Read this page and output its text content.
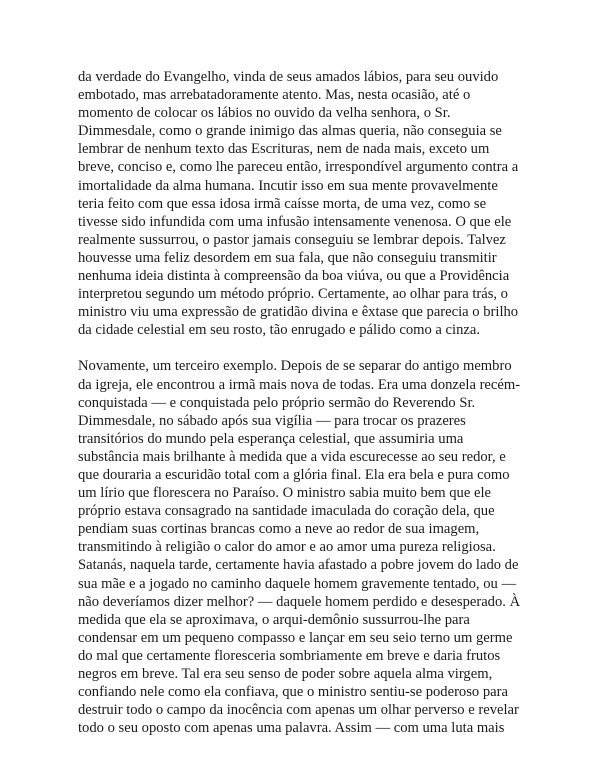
da verdade do Evangelho, vinda de seus amados lábios, para seu ouvido embotado, mas arrebatadoramente atento. Mas, nesta ocasião, até o momento de colocar os lábios no ouvido da velha senhora, o Sr. Dimmesdale, como o grande inimigo das almas queria, não conseguia se lembrar de nenhum texto das Escrituras, nem de nada mais, exceto um breve, conciso e, como lhe pareceu então, irrespondível argumento contra a imortalidade da alma humana. Incutir isso em sua mente provavelmente teria feito com que essa idosa irmã caísse morta, de uma vez, como se tivesse sido infundida com uma infusão intensamente venenosa. O que ele realmente sussurrou, o pastor jamais conseguiu se lembrar depois. Talvez houvesse uma feliz desordem em sua fala, que não conseguiu transmitir nenhuma ideia distinta à compreensão da boa viúva, ou que a Providência interpretou segundo um método próprio. Certamente, ao olhar para trás, o ministro viu uma expressão de gratidão divina e êxtase que parecia o brilho da cidade celestial em seu rosto, tão enrugado e pálido como a cinza.

Novamente, um terceiro exemplo. Depois de se separar do antigo membro da igreja, ele encontrou a irmã mais nova de todas. Era uma donzela recém-conquistada — e conquistada pelo próprio sermão do Reverendo Sr. Dimmesdale, no sábado após sua vigília — para trocar os prazeres transitórios do mundo pela esperança celestial, que assumiria uma substância mais brilhante à medida que a vida escurecesse ao seu redor, e que douraria a escuridão total com a glória final. Ela era bela e pura como um lírio que florescera no Paraíso. O ministro sabia muito bem que ele próprio estava consagrado na santidade imaculada do coração dela, que pendiam suas cortinas brancas como a neve ao redor de sua imagem, transmitindo à religião o calor do amor e ao amor uma pureza religiosa. Satanás, naquela tarde, certamente havia afastado a pobre jovem do lado de sua mãe e a jogado no caminho daquele homem gravemente tentado, ou — não deveríamos dizer melhor? — daquele homem perdido e desesperado. À medida que ela se aproximava, o arqui-demônio sussurrou-lhe para condensar em um pequeno compasso e lançar em seu seio terno um germe do mal que certamente floresceria sombriamente em breve e daria frutos negros em breve. Tal era seu senso de poder sobre aquela alma virgem, confiando nele como ela confiava, que o ministro sentiu-se poderoso para destruir todo o campo da inocência com apenas um olhar perverso e revelar todo o seu oposto com apenas uma palavra. Assim — com uma luta mais
